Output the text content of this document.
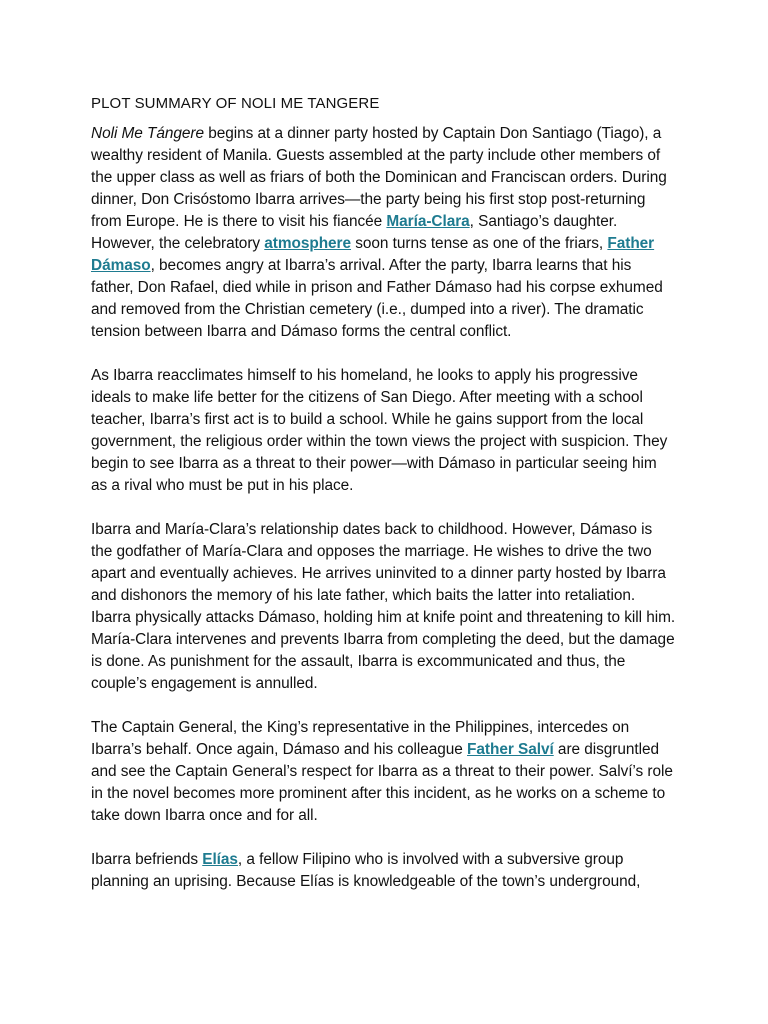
PLOT SUMMARY OF NOLI ME TANGERE

Noli Me Tángere begins at a dinner party hosted by Captain Don Santiago (Tiago), a wealthy resident of Manila. Guests assembled at the party include other members of the upper class as well as friars of both the Dominican and Franciscan orders. During dinner, Don Crisóstomo Ibarra arrives—the party being his first stop post-returning from Europe. He is there to visit his fiancée María-Clara, Santiago’s daughter. However, the celebratory atmosphere soon turns tense as one of the friars, Father Dámaso, becomes angry at Ibarra’s arrival. After the party, Ibarra learns that his father, Don Rafael, died while in prison and Father Dámaso had his corpse exhumed and removed from the Christian cemetery (i.e., dumped into a river). The dramatic tension between Ibarra and Dámaso forms the central conflict.

As Ibarra reacclimates himself to his homeland, he looks to apply his progressive ideals to make life better for the citizens of San Diego. After meeting with a school teacher, Ibarra’s first act is to build a school. While he gains support from the local government, the religious order within the town views the project with suspicion. They begin to see Ibarra as a threat to their power—with Dámaso in particular seeing him as a rival who must be put in his place.

Ibarra and María-Clara’s relationship dates back to childhood. However, Dámaso is the godfather of María-Clara and opposes the marriage. He wishes to drive the two apart and eventually achieves. He arrives uninvited to a dinner party hosted by Ibarra and dishonors the memory of his late father, which baits the latter into retaliation. Ibarra physically attacks Dámaso, holding him at knife point and threatening to kill him. María-Clara intervenes and prevents Ibarra from completing the deed, but the damage is done. As punishment for the assault, Ibarra is excommunicated and thus, the couple’s engagement is annulled.

The Captain General, the King’s representative in the Philippines, intercedes on Ibarra’s behalf. Once again, Dámaso and his colleague Father Salví are disgruntled and see the Captain General’s respect for Ibarra as a threat to their power. Salví’s role in the novel becomes more prominent after this incident, as he works on a scheme to take down Ibarra once and for all.

Ibarra befriends Elías, a fellow Filipino who is involved with a subversive group planning an uprising. Because Elías is knowledgeable of the town’s underground,
